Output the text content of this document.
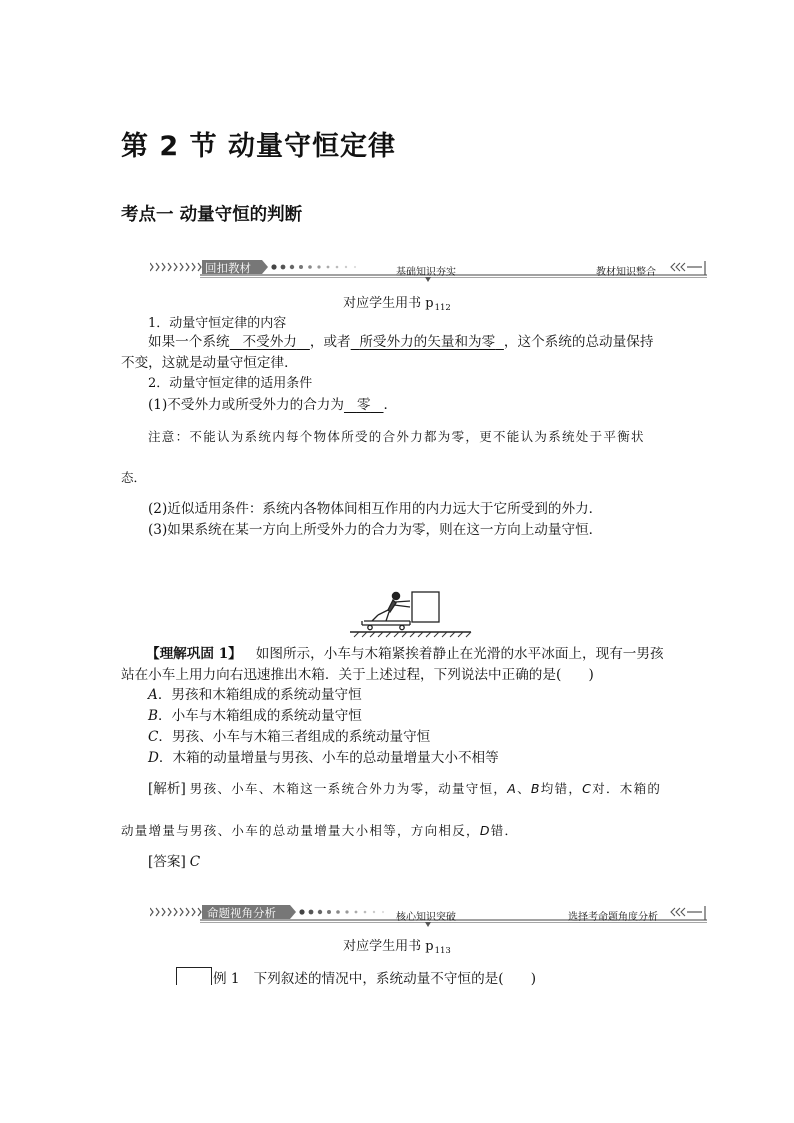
第 2 节 动量守恒定律
考点一 动量守恒的判断
回扣教材	基础知识夯实	教材知识整合
对应学生用书 $p_{112}$
1．动量守恒定律的内容
如果一个系统 不受外力 ，或者 所受外力的矢量和为零 ，这个系统的总动量保持
不变，这就是动量守恒定律．
2．动量守恒定律的适用条件
(1)不受外力或所受外力的合力为 零 ．
注意：不能认为系统内每个物体所受的合外力都为零，更不能认为系统处于平衡状
态．
(2)近似适用条件：系统内各物体间相互作用的内力远大于它所受到的外力．
(3)如果系统在某一方向上所受外力的合力为零，则在这一方向上动量守恒．
【理解巩固 1】 如图所示，小车与木箱紧挨着静止在光滑的水平冰面上，现有一男孩
站在小车上用力向右迅速推出木箱．关于上述过程，下列说法中正确的是(　　)
A．男孩和木箱组成的系统动量守恒
B．小车与木箱组成的系统动量守恒
C．男孩、小车与木箱三者组成的系统动量守恒
D．木箱的动量增量与男孩、小车的总动量增量大小不相等
[解析] 男孩、小车、木箱这一系统合外力为零，动量守恒，A、B均错，C对．木箱的
动量增量与男孩、小车的总动量增量大小相等，方向相反，D错．
[答案] C
命题视角分析	核心知识突破	选择考命题角度分析
对应学生用书 $p_{113}$
例 1 下列叙述的情况中，系统动量不守恒的是(　　)
